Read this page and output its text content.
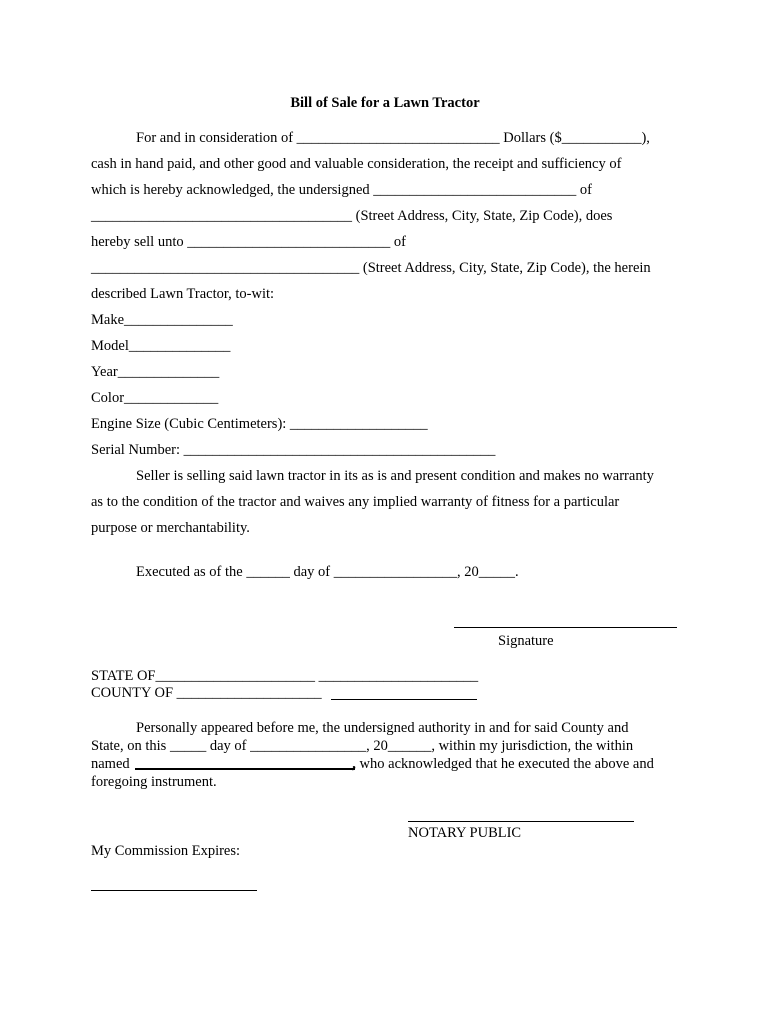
Bill of Sale for a Lawn Tractor
For and in consideration of ____________________________ Dollars ($___________),
cash in hand paid, and other good and valuable consideration, the receipt and sufficiency of
which is hereby acknowledged, the undersigned ____________________________ of
____________________________________ (Street Address, City, State, Zip Code), does
hereby sell unto ____________________________ of
_____________________________________ (Street Address, City, State, Zip Code), the herein
described Lawn Tractor, to-wit:
Make_______________
Model______________
Year______________
Color_____________
Engine Size (Cubic Centimeters): ___________________
Serial Number: ___________________________________________
Seller is selling said lawn tractor in its as is and present condition and makes no warranty
as to the condition of the tractor and waives any implied warranty of fitness for a particular
purpose or merchantability.
Executed as of the ______ day of _________________, 20_____.
Signature
STATE OF______________________ ______________________
COUNTY OF ____________________
Personally appeared before me, the undersigned authority in and for said County and
State, on this _____ day of ________________, 20______, within my jurisdiction, the within
named	, who acknowledged that he executed the above and
foregoing instrument.
NOTARY PUBLIC
My Commission Expires:
